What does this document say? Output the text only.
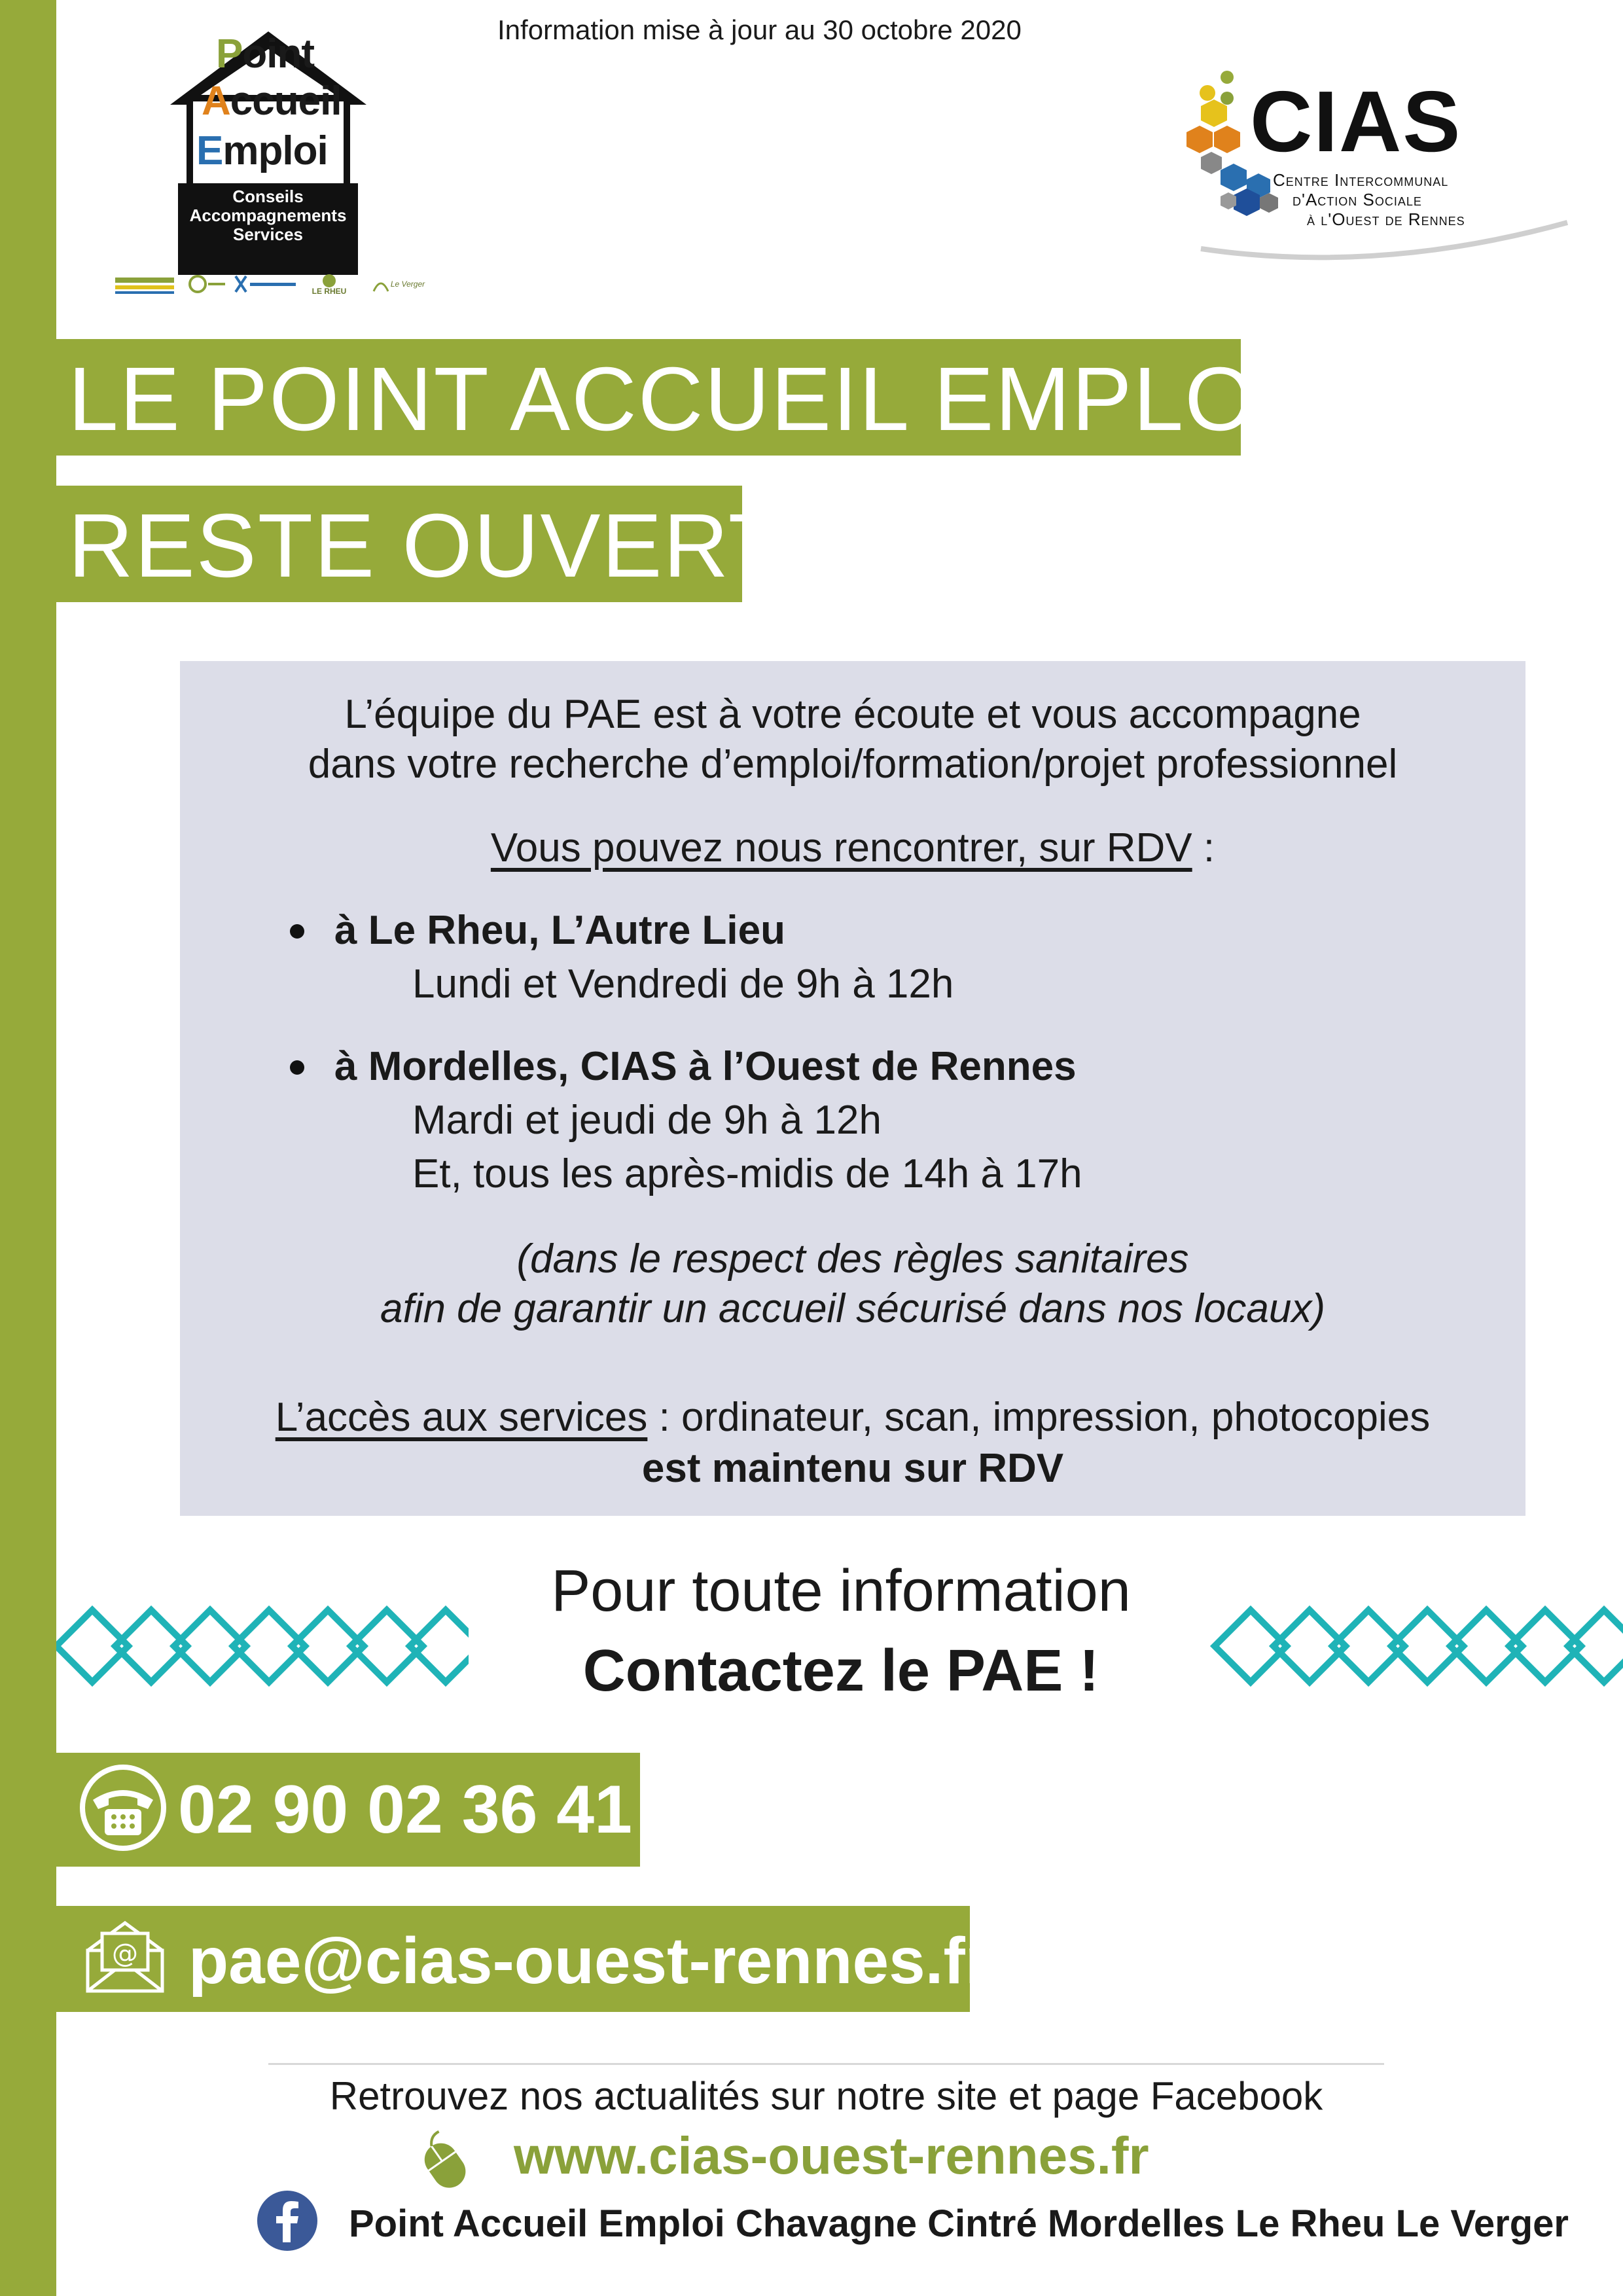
Information mise à jour au 30 octobre 2020
Point
Accueil
Emploi
Conseils
Accompagnements
Services
LE RHEU
Le Verger
CIAS
Centre Intercommunal
d'Action Sociale
à l'Ouest de Rennes
LE POINT ACCUEIL EMPLOI
RESTE OUVERT
L’équipe du PAE est à votre écoute et vous accompagne
dans votre recherche d’emploi/formation/projet professionnel
Vous pouvez nous rencontrer, sur RDV :
à Le Rheu, L’Autre Lieu
Lundi et Vendredi de 9h à 12h
à Mordelles, CIAS à l’Ouest de Rennes
Mardi et jeudi de 9h à 12h
Et, tous les après-midis de 14h à 17h
(dans le respect des règles sanitaires
afin de garantir un accueil sécurisé dans nos locaux)
L’accès aux services : ordinateur, scan, impression, photocopies
est maintenu sur RDV
Pour toute information
Contactez le PAE !
02 90 02 36 41
@ pae@cias-ouest-rennes.fr
Retrouvez nos actualités sur notre site et page Facebook
www.cias-ouest-rennes.fr
Point Accueil Emploi Chavagne Cintré Mordelles Le Rheu Le Verger
